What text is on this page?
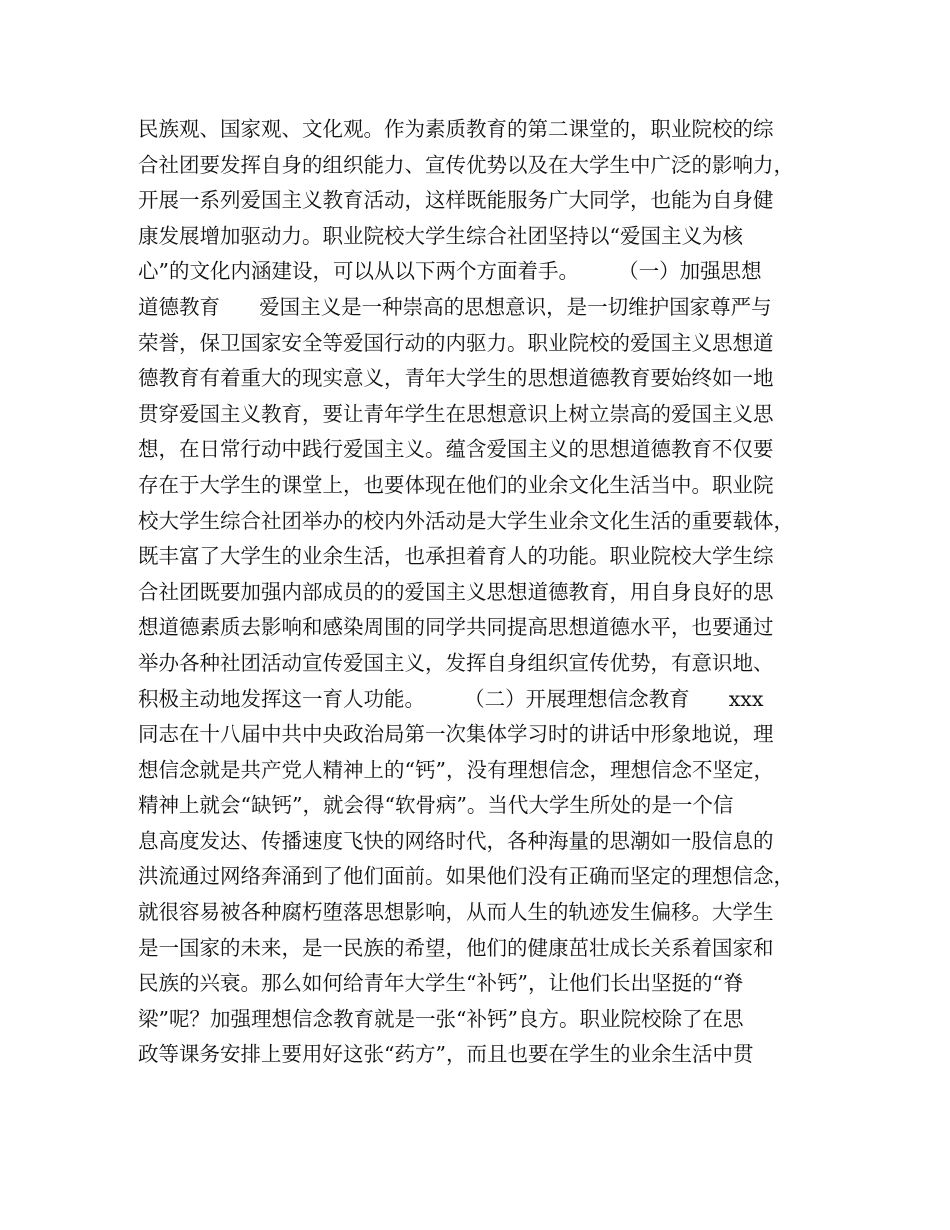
民族观、国家观、文化观。作为素质教育的第二课堂的，职业院校的综
合社团要发挥自身的组织能力、宣传优势以及在大学生中广泛的影响力，
开展一系列爱国主义教育活动，这样既能服务广大同学，也能为自身健
康发展增加驱动力。职业院校大学生综合社团坚持以“爱国主义为核
心”的文化内涵建设，可以从以下两个方面着手。      （一）加强思想
道德教育      爱国主义是一种崇高的思想意识，是一切维护国家尊严与
荣誉，保卫国家安全等爱国行动的内驱力。职业院校的爱国主义思想道
德教育有着重大的现实意义，青年大学生的思想道德教育要始终如一地
贯穿爱国主义教育，要让青年学生在思想意识上树立崇高的爱国主义思
想，在日常行动中践行爱国主义。蕴含爱国主义的思想道德教育不仅要
存在于大学生的课堂上，也要体现在他们的业余文化生活当中。职业院
校大学生综合社团举办的校内外活动是大学生业余文化生活的重要载体，
既丰富了大学生的业余生活，也承担着育人的功能。职业院校大学生综
合社团既要加强内部成员的的爱国主义思想道德教育，用自身良好的思
想道德素质去影响和感染周围的同学共同提高思想道德水平，也要通过
举办各种社团活动宣传爱国主义，发挥自身组织宣传优势，有意识地、
积极主动地发挥这一育人功能。      （二）开展理想信念教育      xxx
同志在十八届中共中央政治局第一次集体学习时的讲话中形象地说，理
想信念就是共产党人精神上的“钙”，没有理想信念，理想信念不坚定，
精神上就会“缺钙”，就会得“软骨病”。当代大学生所处的是一个信
息高度发达、传播速度飞快的网络时代，各种海量的思潮如一股信息的
洪流通过网络奔涌到了他们面前。如果他们没有正确而坚定的理想信念，
就很容易被各种腐朽堕落思想影响，从而人生的轨迹发生偏移。大学生
是一国家的未来，是一民族的希望，他们的健康茁壮成长关系着国家和
民族的兴衰。那么如何给青年大学生“补钙”，让他们长出坚挺的“脊
梁”呢？加强理想信念教育就是一张“补钙”良方。职业院校除了在思
政等课务安排上要用好这张“药方”，而且也要在学生的业余生活中贯
